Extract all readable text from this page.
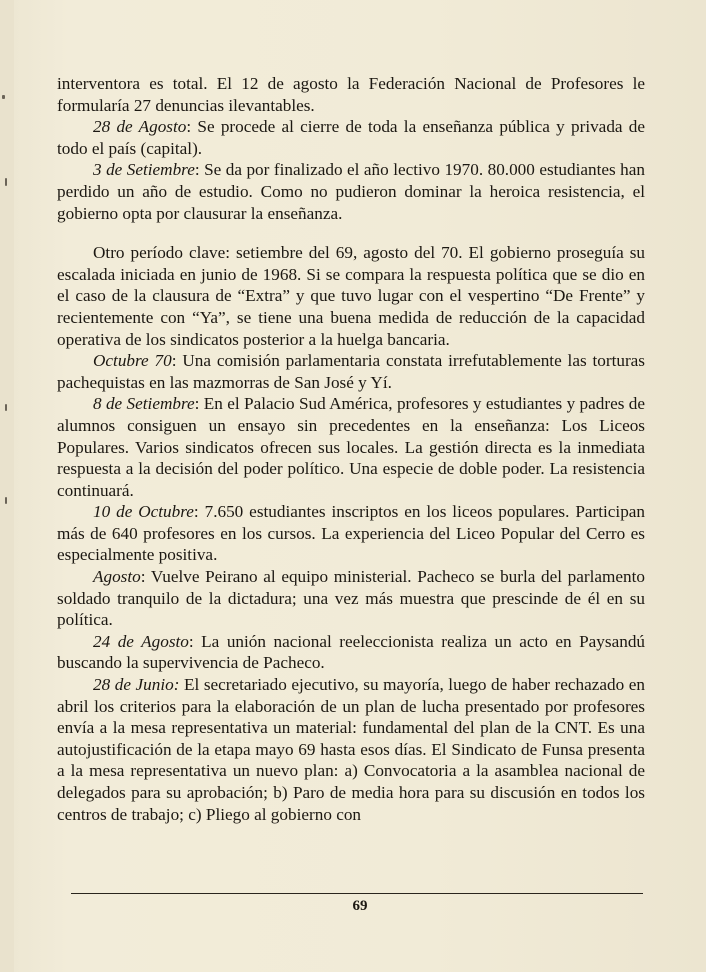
interventora es total. El 12 de agosto la Federación Nacional de Profesores le formularía 27 denuncias ilevantables.

28 de Agosto: Se procede al cierre de toda la enseñanza pública y privada de todo el país (capital).

3 de Setiembre: Se da por finalizado el año lectivo 1970. 80.000 estudiantes han perdido un año de estudio. Como no pudieron dominar la heroica resistencia, el gobierno opta por clausurar la enseñanza.

Otro período clave: setiembre del 69, agosto del 70. El gobierno proseguía su escalada iniciada en junio de 1968. Si se compara la respuesta política que se dio en el caso de la clausura de “Extra” y que tuvo lugar con el vespertino “De Frente” y recientemente con “Ya”, se tiene una buena medida de reducción de la capacidad operativa de los sindicatos posterior a la huelga bancaria.

Octubre 70: Una comisión parlamentaria constata irrefutablemente las torturas pachequistas en las mazmorras de San José y Yí.

8 de Setiembre: En el Palacio Sud América, profesores y estudiantes y padres de alumnos consiguen un ensayo sin precedentes en la enseñanza: Los Liceos Populares. Varios sindicatos ofrecen sus locales. La gestión directa es la inmediata respuesta a la decisión del poder político. Una especie de doble poder. La resistencia continuará.

10 de Octubre: 7.650 estudiantes inscriptos en los liceos populares. Participan más de 640 profesores en los cursos. La experiencia del Liceo Popular del Cerro es especialmente positiva.

Agosto: Vuelve Peirano al equipo ministerial. Pacheco se burla del parlamento soldado tranquilo de la dictadura; una vez más muestra que prescinde de él en su política.

24 de Agosto: La unión nacional reeleccionista realiza un acto en Paysandú buscando la supervivencia de Pacheco.

28 de Junio: El secretariado ejecutivo, su mayoría, luego de haber rechazado en abril los criterios para la elaboración de un plan de lucha presentado por profesores envía a la mesa representativa un material: fundamental del plan de la CNT. Es una autojustificación de la etapa mayo 69 hasta esos días. El Sindicato de Funsa presenta a la mesa representativa un nuevo plan: a) Convocatoria a la asamblea nacional de delegados para su aprobación; b) Paro de media hora para su discusión en todos los centros de trabajo; c) Pliego al gobierno con

69
